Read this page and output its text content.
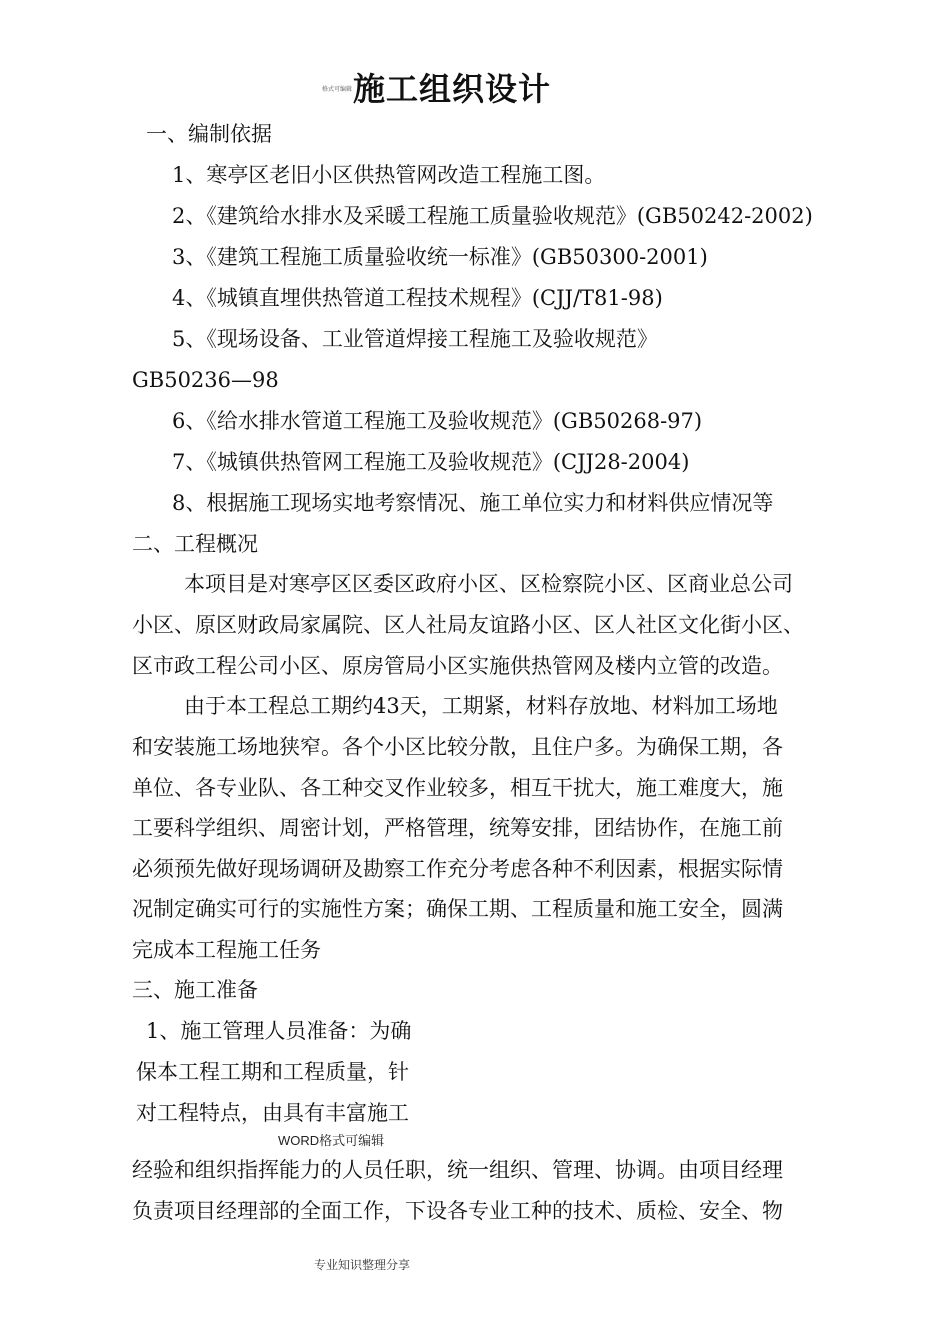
格式可编辑 施工组织设计
一、编制依据
1、寒亭区老旧小区供热管网改造工程施工图。
2、《建筑给水排水及采暖工程施工质量验收规范》(GB50242-2002)
3、《建筑工程施工质量验收统一标准》(GB50300-2001)
4、《城镇直埋供热管道工程技术规程》(CJJ/T81-98)
5、《现场设备、工业管道焊接工程施工及验收规范》
GB50236—98
6、《给水排水管道工程施工及验收规范》(GB50268-97)
7、《城镇供热管网工程施工及验收规范》(CJJ28-2004)
8、根据施工现场实地考察情况、施工单位实力和材料供应情况等
二、工程概况
本项目是对寒亭区区委区政府小区、区检察院小区、区商业总公司
小区、原区财政局家属院、区人社局友谊路小区、区人社区文化街小区、
区市政工程公司小区、原房管局小区实施供热管网及楼内立管的改造。
由于本工程总工期约43天，工期紧，材料存放地、材料加工场地
和安装施工场地狭窄。各个小区比较分散，且住户多。为确保工期，各
单位、各专业队、各工种交叉作业较多，相互干扰大，施工难度大，施
工要科学组织、周密计划，严格管理，统筹安排，团结协作，在施工前
必须预先做好现场调研及勘察工作充分考虑各种不利因素，根据实际情
况制定确实可行的实施性方案；确保工期、工程质量和施工安全，圆满
完成本工程施工任务
三、施工准备
1、施工管理人员准备：为确
保本工程工期和工程质量，针
对工程特点，由具有丰富施工
WORD格式可编辑
经验和组织指挥能力的人员任职，统一组织、管理、协调。由项目经理
负责项目经理部的全面工作，下设各专业工种的技术、质检、安全、物
专业知识整理分享
